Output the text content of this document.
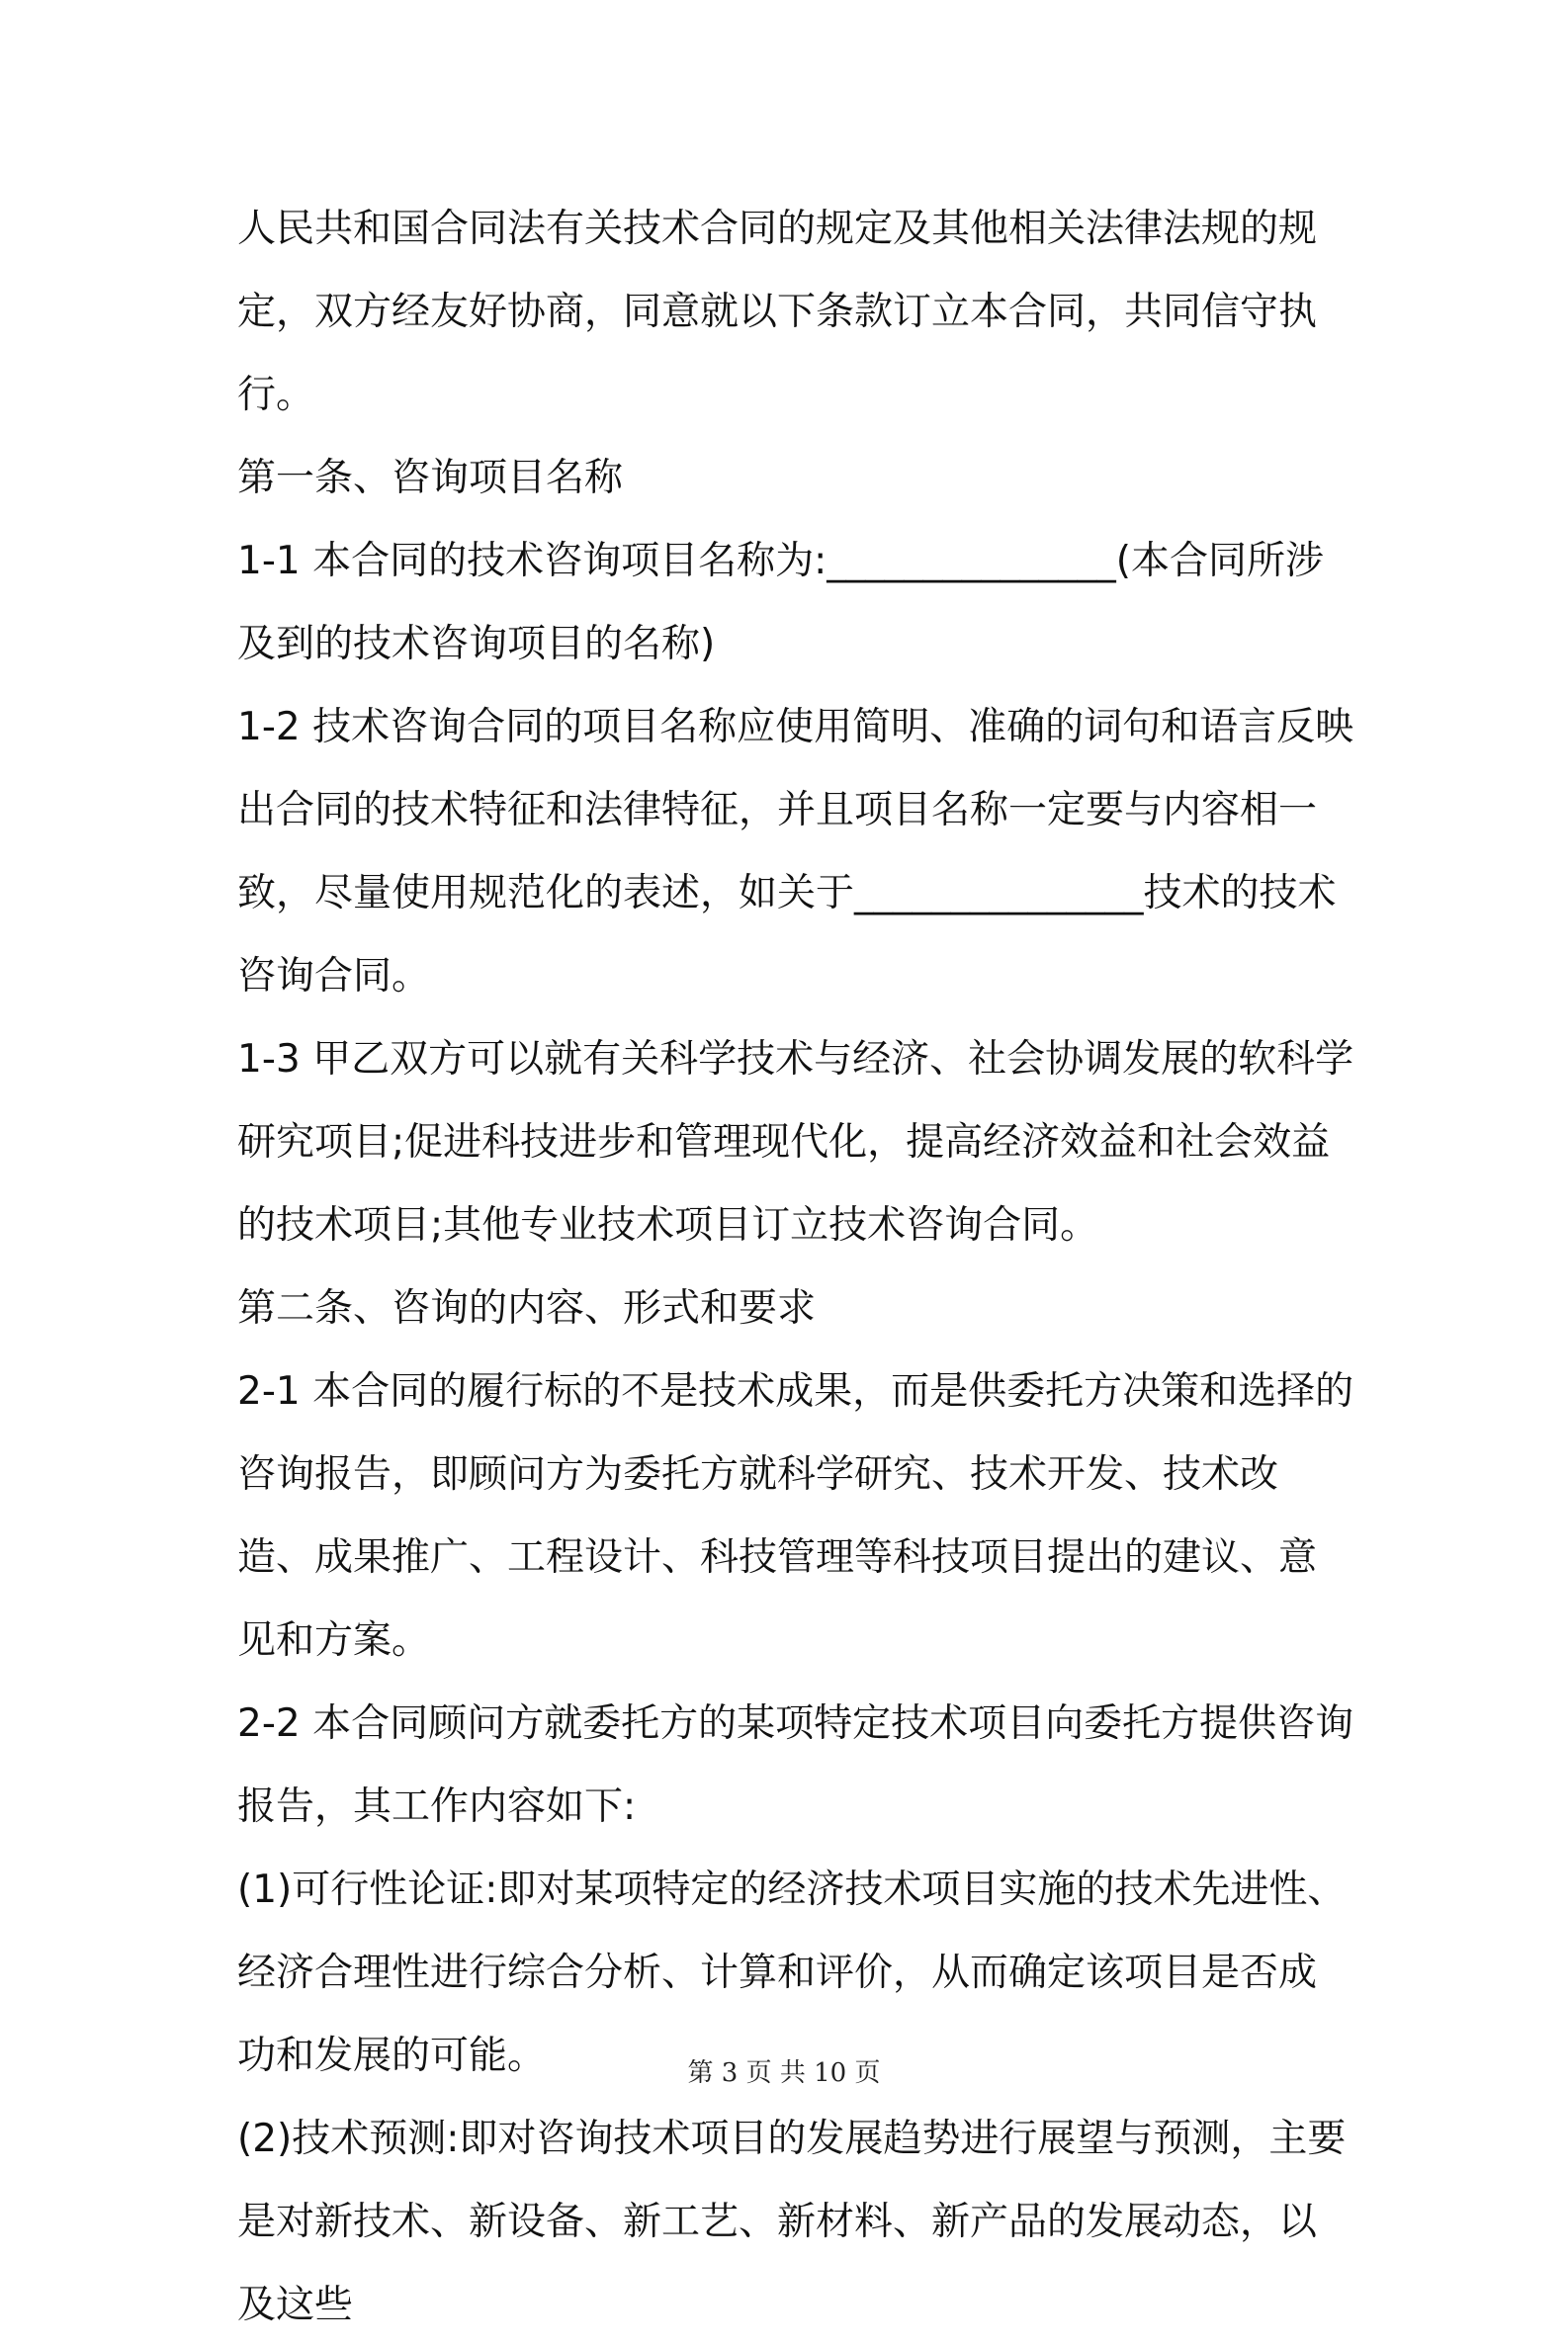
人民共和国合同法有关技术合同的规定及其他相关法律法规的规定，双方经友好协商，同意就以下条款订立本合同，共同信守执行。

第一条、咨询项目名称

1-1 本合同的技术咨询项目名称为:_______________(本合同所涉及到的技术咨询项目的名称)

1-2 技术咨询合同的项目名称应使用简明、准确的词句和语言反映出合同的技术特征和法律特征，并且项目名称一定要与内容相一致，尽量使用规范化的表述，如关于_______________技术的技术咨询合同。

1-3 甲乙双方可以就有关科学技术与经济、社会协调发展的软科学研究项目;促进科技进步和管理现代化，提高经济效益和社会效益的技术项目;其他专业技术项目订立技术咨询合同。

第二条、咨询的内容、形式和要求

2-1 本合同的履行标的不是技术成果，而是供委托方决策和选择的咨询报告，即顾问方为委托方就科学研究、技术开发、技术改造、成果推广、工程设计、科技管理等科技项目提出的建议、意见和方案。

2-2 本合同顾问方就委托方的某项特定技术项目向委托方提供咨询报告，其工作内容如下:

(1)可行性论证:即对某项特定的经济技术项目实施的技术先进性、经济合理性进行综合分析、计算和评价，从而确定该项目是否成功和发展的可能。

(2)技术预测:即对咨询技术项目的发展趋势进行展望与预测，主要是对新技术、新设备、新工艺、新材料、新产品的发展动态，以及这些

第 3 页 共 10 页
